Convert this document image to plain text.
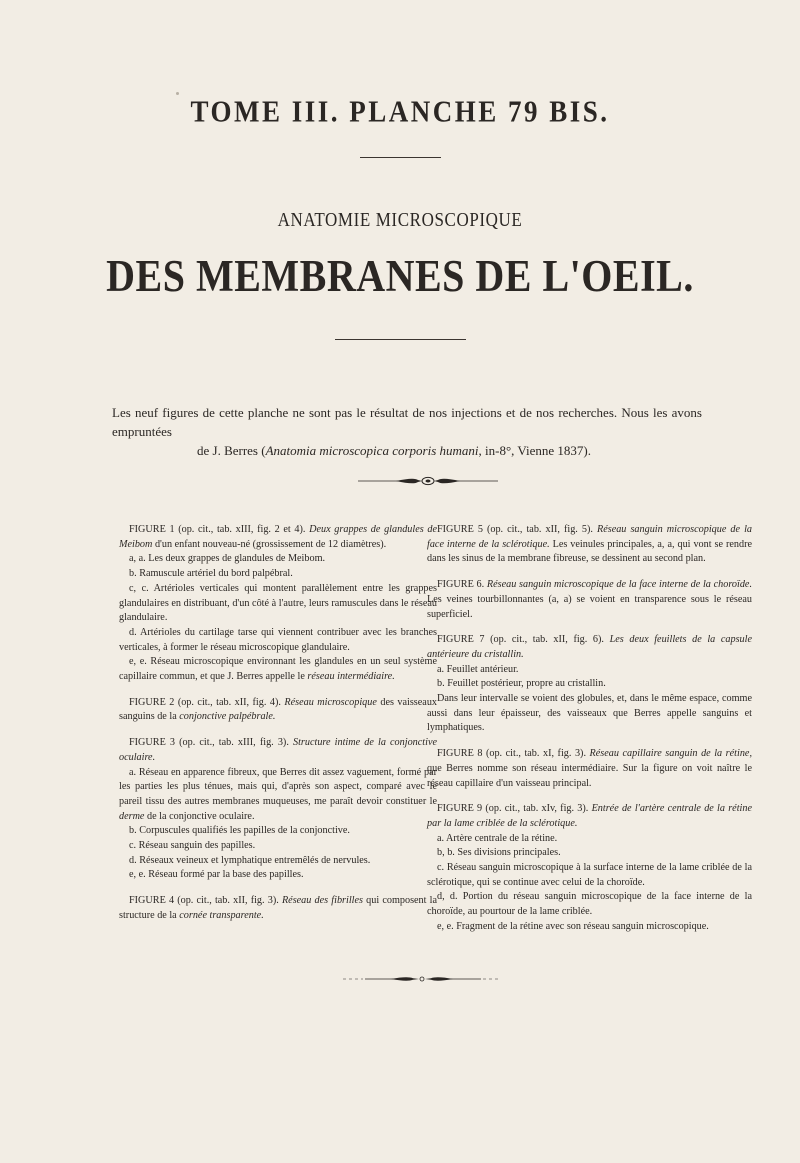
TOME III. PLANCHE 79 BIS.
ANATOMIE MICROSCOPIQUE
DES MEMBRANES DE L'OEIL.

Les neuf figures de cette planche ne sont pas le résultat de nos injections et de nos recherches. Nous les avons empruntées
de J. Berres (Anatomia microscopica corporis humani, in-8°, Vienne 1837).

FIGURE 1 (op. cit., tab. xIII, fig. 2 et 4). Deux grappes de glandules de Meibom d'un enfant nouveau-né (grossissement de 12 diamètres).

a, a. Les deux grappes de glandules de Meibom.

b. Ramuscule artériel du bord palpébral.

c, c. Artérioles verticales qui montent parallèlement entre les grappes glandulaires en distribuant, d'un côté à l'autre, leurs ramuscules dans le réseau glandulaire.

d. Artérioles du cartilage tarse qui viennent contribuer avec les branches verticales, à former le réseau microscopique glandulaire.

e, e. Réseau microscopique environnant les glandules en un seul système capillaire commun, et que J. Berres appelle le réseau intermédiaire.

FIGURE 2 (op. cit., tab. xII, fig. 4). Réseau microscopique des vaisseaux sanguins de la conjonctive palpébrale.

FIGURE 3 (op. cit., tab. xIII, fig. 3). Structure intime de la conjonctive oculaire.

a. Réseau en apparence fibreux, que Berres dit assez vaguement, formé par les parties les plus ténues, mais qui, d'après son aspect, comparé avec le pareil tissu des autres membranes muqueuses, me paraît devoir constituer le derme de la conjonctive oculaire.

b. Corpuscules qualifiés les papilles de la conjonctive.

c. Réseau sanguin des papilles.

d. Réseaux veineux et lymphatique entremêlés de nervules.

e, e. Réseau formé par la base des papilles.

FIGURE 4 (op. cit., tab. xII, fig. 3). Réseau des fibrilles qui composent la structure de la cornée transparente.

FIGURE 5 (op. cit., tab. xII, fig. 5). Réseau sanguin microscopique de la face interne de la sclérotique. Les veinules principales, a, a, qui vont se rendre dans les sinus de la membrane fibreuse, se dessinent au second plan.

FIGURE 6. Réseau sanguin microscopique de la face interne de la choroïde. Les veines tourbillonnantes (a, a) se voient en transparence sous le réseau superficiel.

FIGURE 7 (op. cit., tab. xII, fig. 6). Les deux feuillets de la capsule antérieure du cristallin.

a. Feuillet antérieur.

b. Feuillet postérieur, propre au cristallin.

Dans leur intervalle se voient des globules, et, dans le même espace, comme aussi dans leur épaisseur, des vaisseaux que Berres appelle sanguins et lymphatiques.

FIGURE 8 (op. cit., tab. xI, fig. 3). Réseau capillaire sanguin de la rétine, que Berres nomme son réseau intermédiaire. Sur la figure on voit naître le réseau capillaire d'un vaisseau principal.

FIGURE 9 (op. cit., tab. xIv, fig. 3). Entrée de l'artère centrale de la rétine par la lame criblée de la sclérotique.

a. Artère centrale de la rétine.

b, b. Ses divisions principales.

c. Réseau sanguin microscopique à la surface interne de la lame criblée de la sclérotique, qui se continue avec celui de la choroïde.

d, d. Portion du réseau sanguin microscopique de la face interne de la choroïde, au pourtour de la lame criblée.

e, e. Fragment de la rétine avec son réseau sanguin microscopique.
